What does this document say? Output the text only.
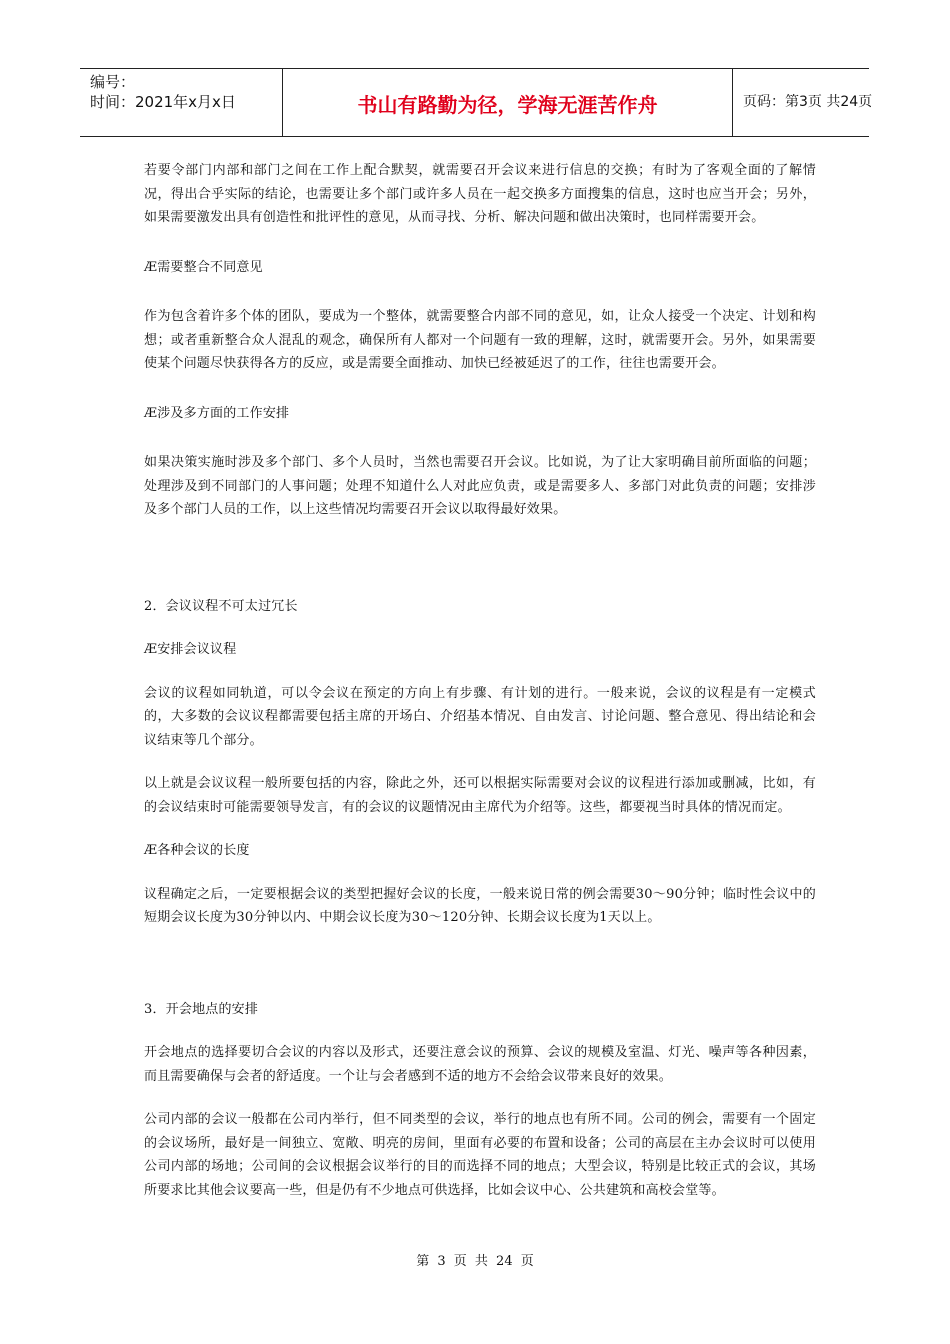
编号：
时间：2021年x月x日	书山有路勤为径，学海无涯苦作舟	页码：第3页 共24页

若要令部门内部和部门之间在工作上配合默契，就需要召开会议来进行信息的交换；有时为了客观全面的了解情况，得出合乎实际的结论，也需要让多个部门或许多人员在一起交换多方面搜集的信息，这时也应当开会；另外，如果需要激发出具有创造性和批评性的意见，从而寻找、分析、解决问题和做出决策时，也同样需要开会。

Æ需要整合不同意见

作为包含着许多个体的团队，要成为一个整体，就需要整合内部不同的意见，如，让众人接受一个决定、计划和构想；或者重新整合众人混乱的观念，确保所有人都对一个问题有一致的理解，这时，就需要开会。另外，如果需要使某个问题尽快获得各方的反应，或是需要全面推动、加快已经被延迟了的工作，往往也需要开会。

Æ涉及多方面的工作安排

如果决策实施时涉及多个部门、多个人员时，当然也需要召开会议。比如说，为了让大家明确目前所面临的问题；处理涉及到不同部门的人事问题；处理不知道什么人对此应负责，或是需要多人、多部门对此负责的问题；安排涉及多个部门人员的工作，以上这些情况均需要召开会议以取得最好效果。

2．会议议程不可太过冗长

Æ安排会议议程

会议的议程如同轨道，可以令会议在预定的方向上有步骤、有计划的进行。一般来说，会议的议程是有一定模式的，大多数的会议议程都需要包括主席的开场白、介绍基本情况、自由发言、讨论问题、整合意见、得出结论和会议结束等几个部分。

以上就是会议议程一般所要包括的内容，除此之外，还可以根据实际需要对会议的议程进行添加或删减，比如，有的会议结束时可能需要领导发言，有的会议的议题情况由主席代为介绍等。这些，都要视当时具体的情况而定。

Æ各种会议的长度

议程确定之后，一定要根据会议的类型把握好会议的长度，一般来说日常的例会需要30～90分钟；临时性会议中的短期会议长度为30分钟以内、中期会议长度为30～120分钟、长期会议长度为1天以上。

3．开会地点的安排

开会地点的选择要切合会议的内容以及形式，还要注意会议的预算、会议的规模及室温、灯光、噪声等各种因素，而且需要确保与会者的舒适度。一个让与会者感到不适的地方不会给会议带来良好的效果。

公司内部的会议一般都在公司内举行，但不同类型的会议，举行的地点也有所不同。公司的例会，需要有一个固定的会议场所，最好是一间独立、宽敞、明亮的房间，里面有必要的布置和设备；公司的高层在主办会议时可以使用公司内部的场地；公司间的会议根据会议举行的目的而选择不同的地点；大型会议，特别是比较正式的会议，其场所要求比其他会议要高一些，但是仍有不少地点可供选择，比如会议中心、公共建筑和高校会堂等。

第 3 页 共 24 页
